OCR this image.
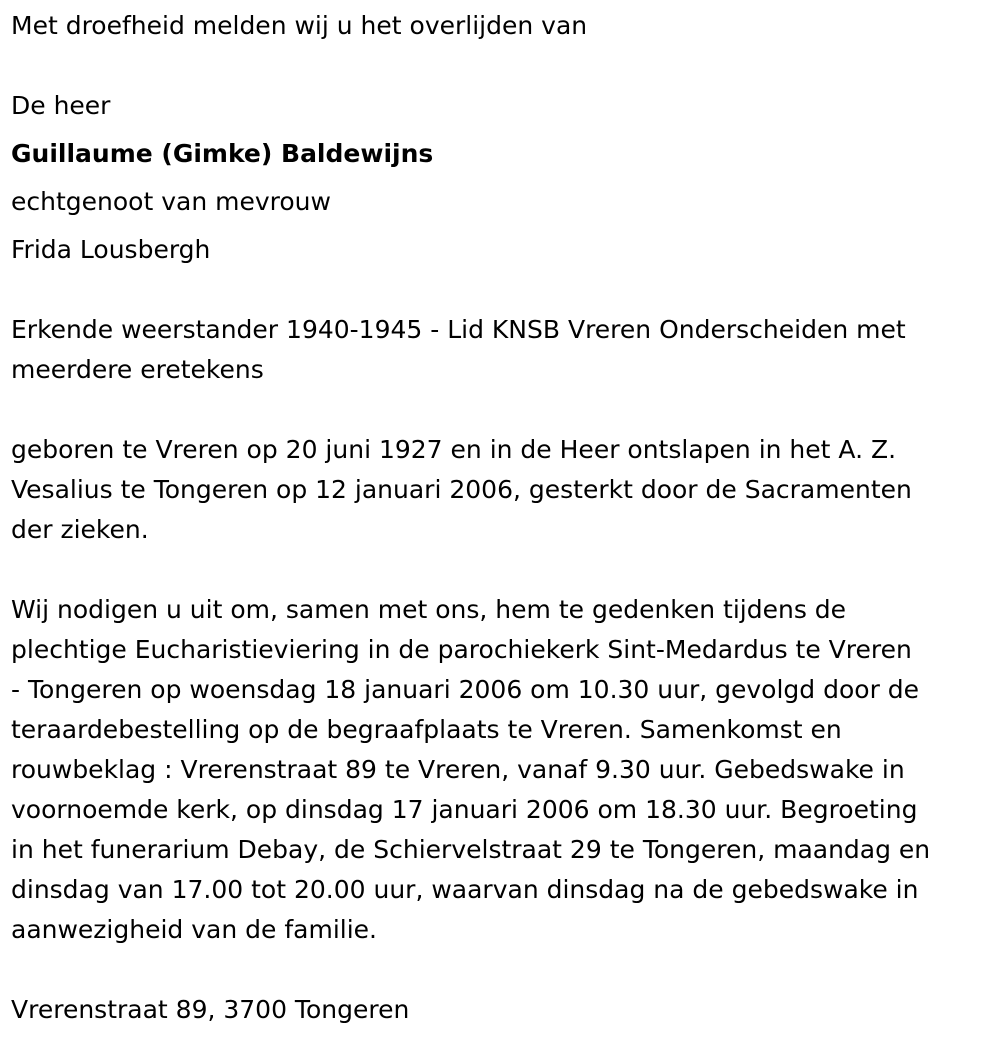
Met droefheid melden wij u het overlijden van
De heer
Guillaume (Gimke) Baldewijns
echtgenoot van mevrouw
Frida Lousbergh
Erkende weerstander 1940-1945 - Lid KNSB Vreren Onderscheiden met
meerdere eretekens
geboren te Vreren op 20 juni 1927 en in de Heer ontslapen in het A. Z.
Vesalius te Tongeren op 12 januari 2006, gesterkt door de Sacramenten
der zieken.
Wij nodigen u uit om, samen met ons, hem te gedenken tijdens de
plechtige Eucharistieviering in de parochiekerk Sint-Medardus te Vreren
- Tongeren op woensdag 18 januari 2006 om 10.30 uur, gevolgd door de
teraardebestelling op de begraafplaats te Vreren. Samenkomst en
rouwbeklag : Vrerenstraat 89 te Vreren, vanaf 9.30 uur. Gebedswake in
voornoemde kerk, op dinsdag 17 januari 2006 om 18.30 uur. Begroeting
in het funerarium Debay, de Schiervelstraat 29 te Tongeren, maandag en
dinsdag van 17.00 tot 20.00 uur, waarvan dinsdag na de gebedswake in
aanwezigheid van de familie.
Vrerenstraat 89, 3700 Tongeren
